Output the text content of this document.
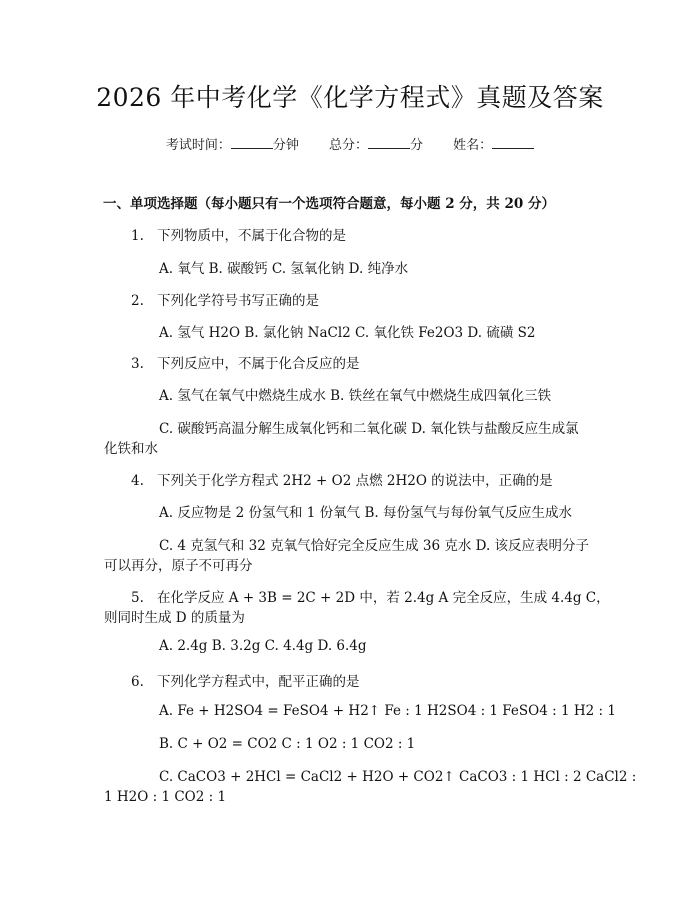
2026 年中考化学《化学方程式》真题及答案
考试时间：	分钟 总分：	分 姓名：
一、单项选择题（每小题只有一个选项符合题意，每小题 2 分，共 20 分）
1. 下列物质中，不属于化合物的是
A. 氧气 B. 碳酸钙 C. 氢氧化钠 D. 纯净水
2. 下列化学符号书写正确的是
A. 氢气 H2O B. 氯化钠 NaCl2 C. 氧化铁 Fe2O3 D. 硫磺 S2
3. 下列反应中，不属于化合反应的是
A. 氢气在氧气中燃烧生成水 B. 铁丝在氧气中燃烧生成四氧化三铁
C. 碳酸钙高温分解生成氧化钙和二氧化碳 D. 氧化铁与盐酸反应生成氯
化铁和水
4. 下列关于化学方程式 2H2 + O2 点燃 2H2O 的说法中，正确的是
A. 反应物是 2 份氢气和 1 份氧气 B. 每份氢气与每份氧气反应生成水
C. 4 克氢气和 32 克氧气恰好完全反应生成 36 克水 D. 该反应表明分子
可以再分，原子不可再分
5. 在化学反应 A + 3B = 2C + 2D 中，若 2.4g A 完全反应，生成 4.4g C，
则同时生成 D 的质量为
A. 2.4g B. 3.2g C. 4.4g D. 6.4g
6. 下列化学方程式中，配平正确的是
A. Fe + H2SO4 = FeSO4 + H2↑ Fe : 1 H2SO4 : 1 FeSO4 : 1 H2 : 1
B. C + O2 = CO2 C : 1 O2 : 1 CO2 : 1
C. CaCO3 + 2HCl = CaCl2 + H2O + CO2↑ CaCO3 : 1 HCl : 2 CaCl2 :
1 H2O : 1 CO2 : 1
